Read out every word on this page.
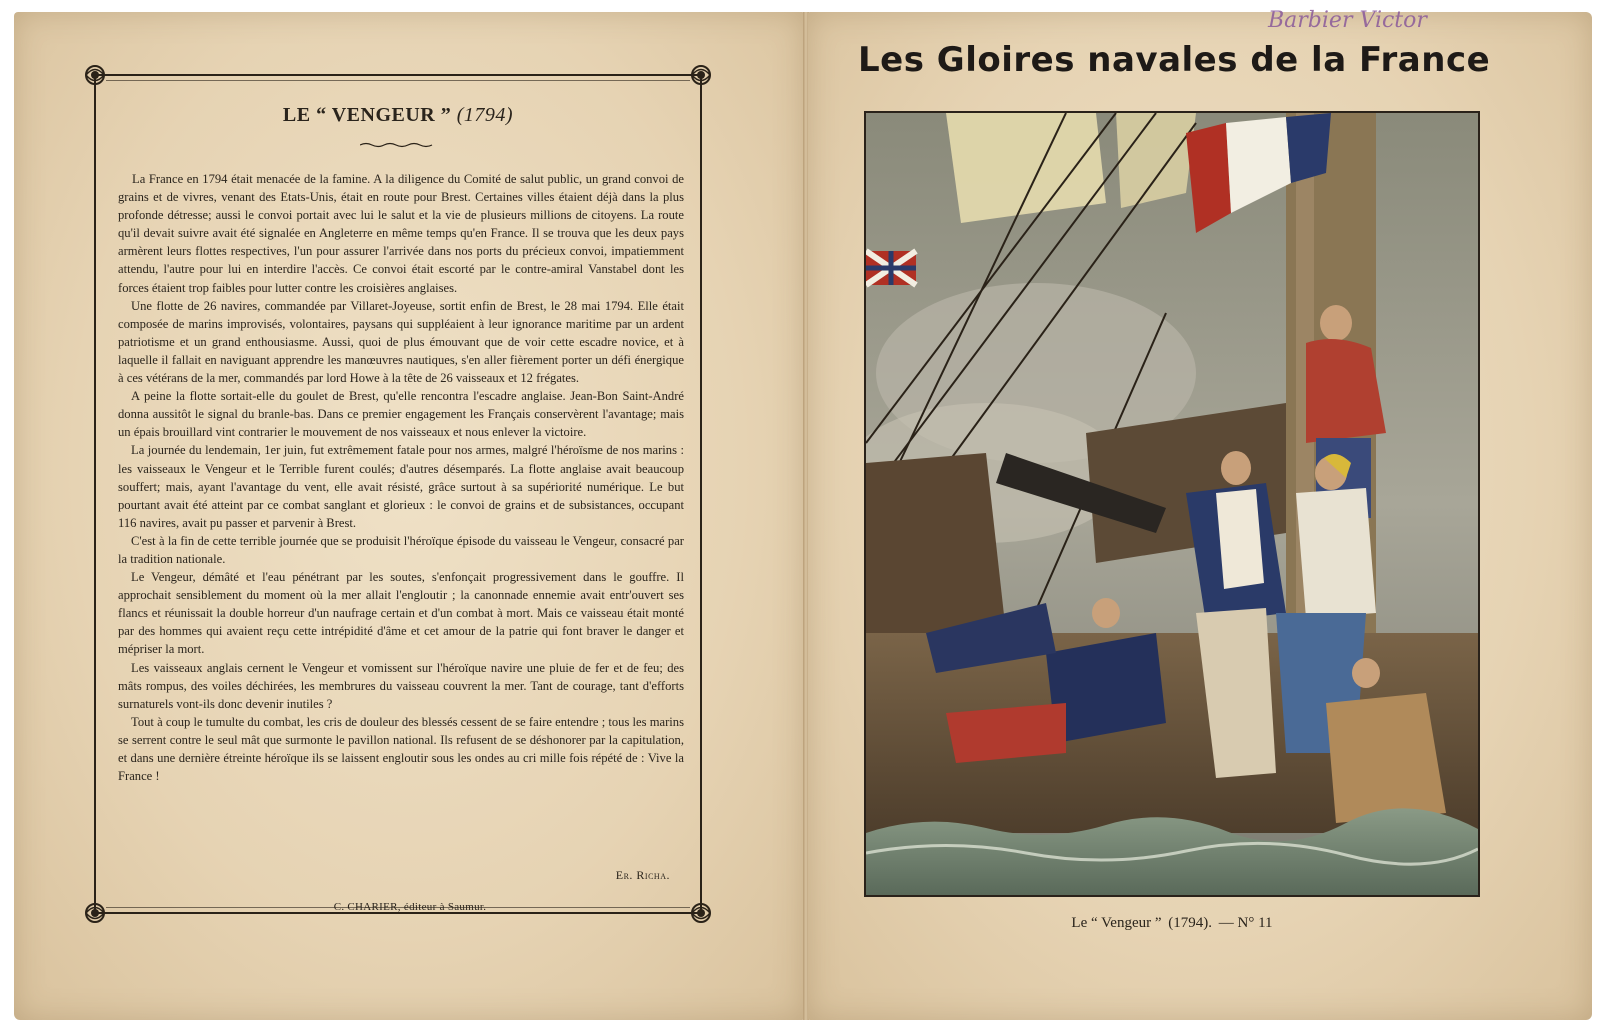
LE “ VENGEUR ” (1794)

La France en 1794 était menacée de la famine. A la diligence du Comité de salut public, un grand convoi de grains et de vivres, venant des Etats-Unis, était en route pour Brest. Certaines villes étaient déjà dans la plus profonde détresse; aussi le convoi portait avec lui le salut et la vie de plusieurs millions de citoyens. La route qu'il devait suivre avait été signalée en Angleterre en même temps qu'en France. Il se trouva que les deux pays armèrent leurs flottes respectives, l'un pour assurer l'arrivée dans nos ports du précieux convoi, impatiemment attendu, l'autre pour lui en interdire l'accès. Ce convoi était escorté par le contre-amiral Vanstabel dont les forces étaient trop faibles pour lutter contre les croisières anglaises.

Une flotte de 26 navires, commandée par Villaret-Joyeuse, sortit enfin de Brest, le 28 mai 1794. Elle était composée de marins improvisés, volontaires, paysans qui suppléaient à leur ignorance maritime par un ardent patriotisme et un grand enthousiasme. Aussi, quoi de plus émouvant que de voir cette escadre novice, et à laquelle il fallait en naviguant apprendre les manœuvres nautiques, s'en aller fièrement porter un défi énergique à ces vétérans de la mer, commandés par lord Howe à la tête de 26 vaisseaux et 12 frégates.

A peine la flotte sortait-elle du goulet de Brest, qu'elle rencontra l'escadre anglaise. Jean-Bon Saint-André donna aussitôt le signal du branle-bas. Dans ce premier engagement les Français conservèrent l'avantage; mais un épais brouillard vint contrarier le mouvement de nos vaisseaux et nous enlever la victoire.

La journée du lendemain, 1er juin, fut extrêmement fatale pour nos armes, malgré l'héroïsme de nos marins : les vaisseaux le Vengeur et le Terrible furent coulés; d'autres désemparés. La flotte anglaise avait beaucoup souffert; mais, ayant l'avantage du vent, elle avait résisté, grâce surtout à sa supériorité numérique. Le but pourtant avait été atteint par ce combat sanglant et glorieux : le convoi de grains et de subsistances, occupant 116 navires, avait pu passer et parvenir à Brest.

C'est à la fin de cette terrible journée que se produisit l'héroïque épisode du vaisseau le Vengeur, consacré par la tradition nationale.

Le Vengeur, démâté et l'eau pénétrant par les soutes, s'enfonçait progressivement dans le gouffre. Il approchait sensiblement du moment où la mer allait l'engloutir ; la canonnade ennemie avait entr'ouvert ses flancs et réunissait la double horreur d'un naufrage certain et d'un combat à mort. Mais ce vaisseau était monté par des hommes qui avaient reçu cette intrépidité d'âme et cet amour de la patrie qui font braver le danger et mépriser la mort.

Les vaisseaux anglais cernent le Vengeur et vomissent sur l'héroïque navire une pluie de fer et de feu; des mâts rompus, des voiles déchirées, les membrures du vaisseau couvrent la mer. Tant de courage, tant d'efforts surnaturels vont-ils donc devenir inutiles ?

Tout à coup le tumulte du combat, les cris de douleur des blessés cessent de se faire entendre ; tous les marins se serrent contre le seul mât que surmonte le pavillon national. Ils refusent de se déshonorer par la capitulation, et dans une dernière étreinte héroïque ils se laissent engloutir sous les ondes au cri mille fois répété de : Vive la France !

Er. Richa.
C. CHARIER, éditeur à Saumur.
Barbier Victor
Les Gloires navales de la France
Le “ Vengeur ” (1794). — N° 11
